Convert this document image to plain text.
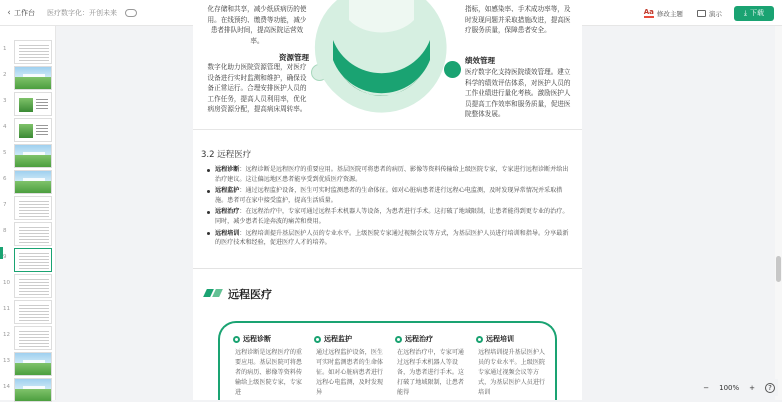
‹ 工作台 医疗数字化：开创未来	Aa 修改主题	演示	⤓ 下载
1
2
3
4
5
6
7
8
9
10
11
12
13
14

化存储和共享，减少纸质病历的使用。在线预约、缴费等功能，减少患者排队时间，提高医院运营效率。

资源管理

数字化助力医院资源管理，对医疗设备进行实时监测和维护，确保设备正常运行。合理安排医护人员的工作任务，提高人员利用率，优化病房资源分配，提高病床周转率。

指标，如感染率、手术成功率等，及时发现问题并采取措施改进，提高医疗服务质量，保障患者安全。

绩效管理

医疗数字化支持医院绩效管理。建立科学的绩效评估体系，对医护人员的工作业绩进行量化考核。激励医护人员提高工作效率和服务质量，促进医院整体发展。

3.2 远程医疗
远程诊断：远程诊断是远程医疗的重要应用。基层医院可将患者的病历、影像等资料传输给上级医院专家，专家进行远程诊断并给出治疗建议。这让偏远地区患者能享受到优质医疗资源。
远程监护：通过远程监护设备，医生可实时监测患者的生命体征。如对心脏病患者进行远程心电监测，及时发现异常情况并采取措施。患者可在家中接受监护，提高生活质量。
远程治疗：在远程治疗中，专家可通过远程手术机器人等设备，为患者进行手术。这打破了地域限制，让患者能得到更专业的治疗。同时，减少患者长途奔波的痛苦和费用。
远程培训：远程培训提升基层医护人员的专业水平。上级医院专家通过视频会议等方式，为基层医护人员进行培训和指导。分享最新的医疗技术和经验，促进医疗人才的培养。
远程医疗
远程诊断
远程诊断是远程医疗的重要应用。基层医院可将患者的病历、影像等资料传输给上级医院专家，专家进
远程监护
通过远程监护设备，医生可实时监测患者的生命体征。如对心脏病患者进行远程心电监测，及时发现异
远程治疗
在远程治疗中，专家可通过远程手术机器人等设备，为患者进行手术。这打破了地域限制，让患者能得
远程培训
远程培训提升基层医护人员的专业水平。上级医院专家通过视频会议等方式，为基层医护人员进行培训
− 100% +	?
